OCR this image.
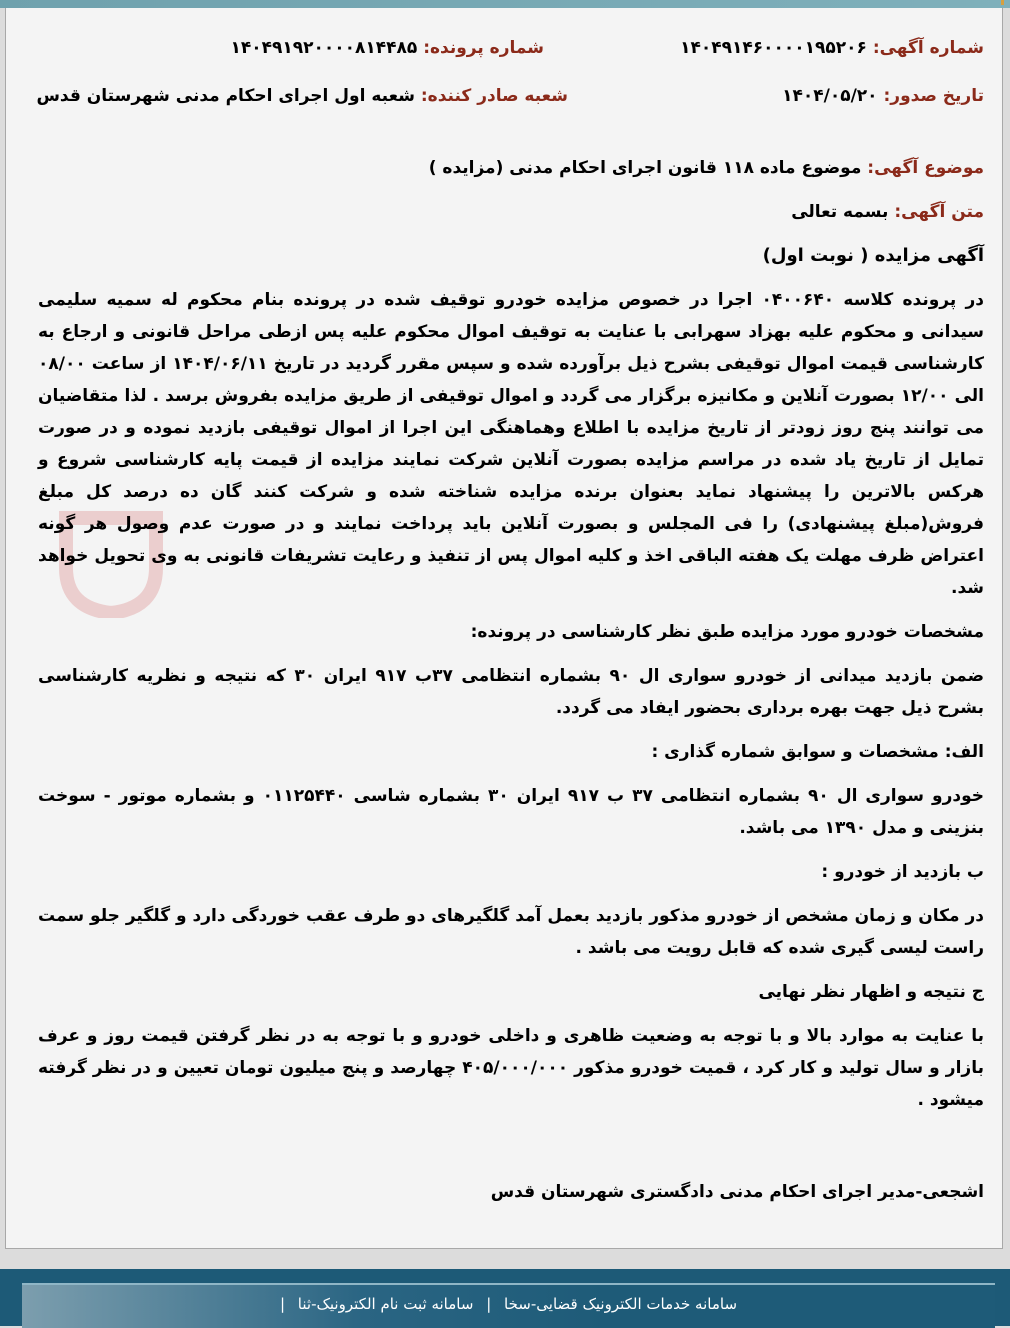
شماره آگهی: ۱۴۰۴۹۱۴۶۰۰۰۰۱۹۵۲۰۶
شماره پرونده: ۱۴۰۴۹۱۹۲۰۰۰۰۸۱۴۴۸۵
تاریخ صدور: ۱۴۰۴/۰۵/۲۰
شعبه صادر کننده: شعبه اول اجرای احکام مدنی شهرستان قدس
موضوع آگهی: موضوع ماده ۱۱۸ قانون اجرای احکام مدنی (مزایده )
متن آگهی: بسمه تعالی
آگهی مزایده ( نوبت اول)
در پرونده کلاسه ۰۴۰۰۶۴۰ اجرا در خصوص مزایده خودرو توقیف شده در پرونده بنام محکوم له سمیه سلیمی سیدانی و محکوم علیه بهزاد سهرابی با عنایت به توقیف اموال محکوم علیه پس ازطی مراحل قانونی و ارجاع به کارشناسی قیمت اموال توقیفی بشرح ذیل برآورده شده و سپس مقرر گردید در تاریخ ۱۴۰۴/۰۶/۱۱ از ساعت ۰۸/۰۰ الی ۱۲/۰۰ بصورت آنلاین و مکانیزه برگزار می گردد و اموال توقیفی از طریق مزایده بفروش برسد . لذا متقاضیان می توانند پنج روز زودتر از تاریخ مزایده با اطلاع وهماهنگی این اجرا از اموال توقیفی بازدید نموده و در صورت تمایل از تاریخ یاد شده در مراسم مزایده بصورت آنلاین شرکت نمایند مزایده از قیمت پایه کارشناسی شروع و هرکس بالاترین را پیشنهاد نماید بعنوان برنده مزایده شناخته شده و شرکت کنند گان ده درصد کل مبلغ فروش(مبلغ پیشنهادی) را فی المجلس و بصورت آنلاین باید پرداخت نمایند و در صورت عدم وصول هر گونه اعتراض ظرف مهلت یک هفته الباقی اخذ و کلیه اموال پس از تنفیذ و رعایت تشریفات قانونی به وی تحویل خواهد شد.
مشخصات خودرو مورد مزایده طبق نظر کارشناسی در پرونده:
ضمن بازدید میدانی از خودرو سواری ال ۹۰ بشماره انتظامی ۳۷ب ۹۱۷ ایران ۳۰ که نتیجه و نظریه کارشناسی بشرح ذیل جهت بهره برداری بحضور ایفاد می گردد.
الف: مشخصات و سوابق شماره گذاری :
خودرو سواری ال ۹۰ بشماره انتظامی ۳۷ ب ۹۱۷ ایران ۳۰ بشماره شاسی ۰۱۱۲۵۴۴۰ و بشماره موتور - سوخت بنزینی و مدل ۱۳۹۰ می باشد.
ب بازدید از خودرو :
در مکان و زمان مشخص از خودرو مذکور بازدید بعمل آمد گلگیرهای دو طرف عقب خوردگی دارد و گلگیر جلو سمت راست لیسی گیری شده که قابل رویت می باشد .
ج نتیجه و اظهار نظر نهایی
با عنایت به موارد بالا و با توجه به وضعیت ظاهری و داخلی خودرو و با توجه به در نظر گرفتن قیمت روز و عرف بازار و سال تولید و کار کرد ، قمیت خودرو مذکور ۴۰۵/۰۰۰/۰۰۰ چهارصد و پنج میلیون تومان تعیین و در نظر گرفته میشود .
اشجعی-مدیر اجرای احکام مدنی دادگستری شهرستان قدس
سامانه خدمات الکترونیک قضایی-سخا | سامانه ثبت نام الکترونیک-ثنا |
